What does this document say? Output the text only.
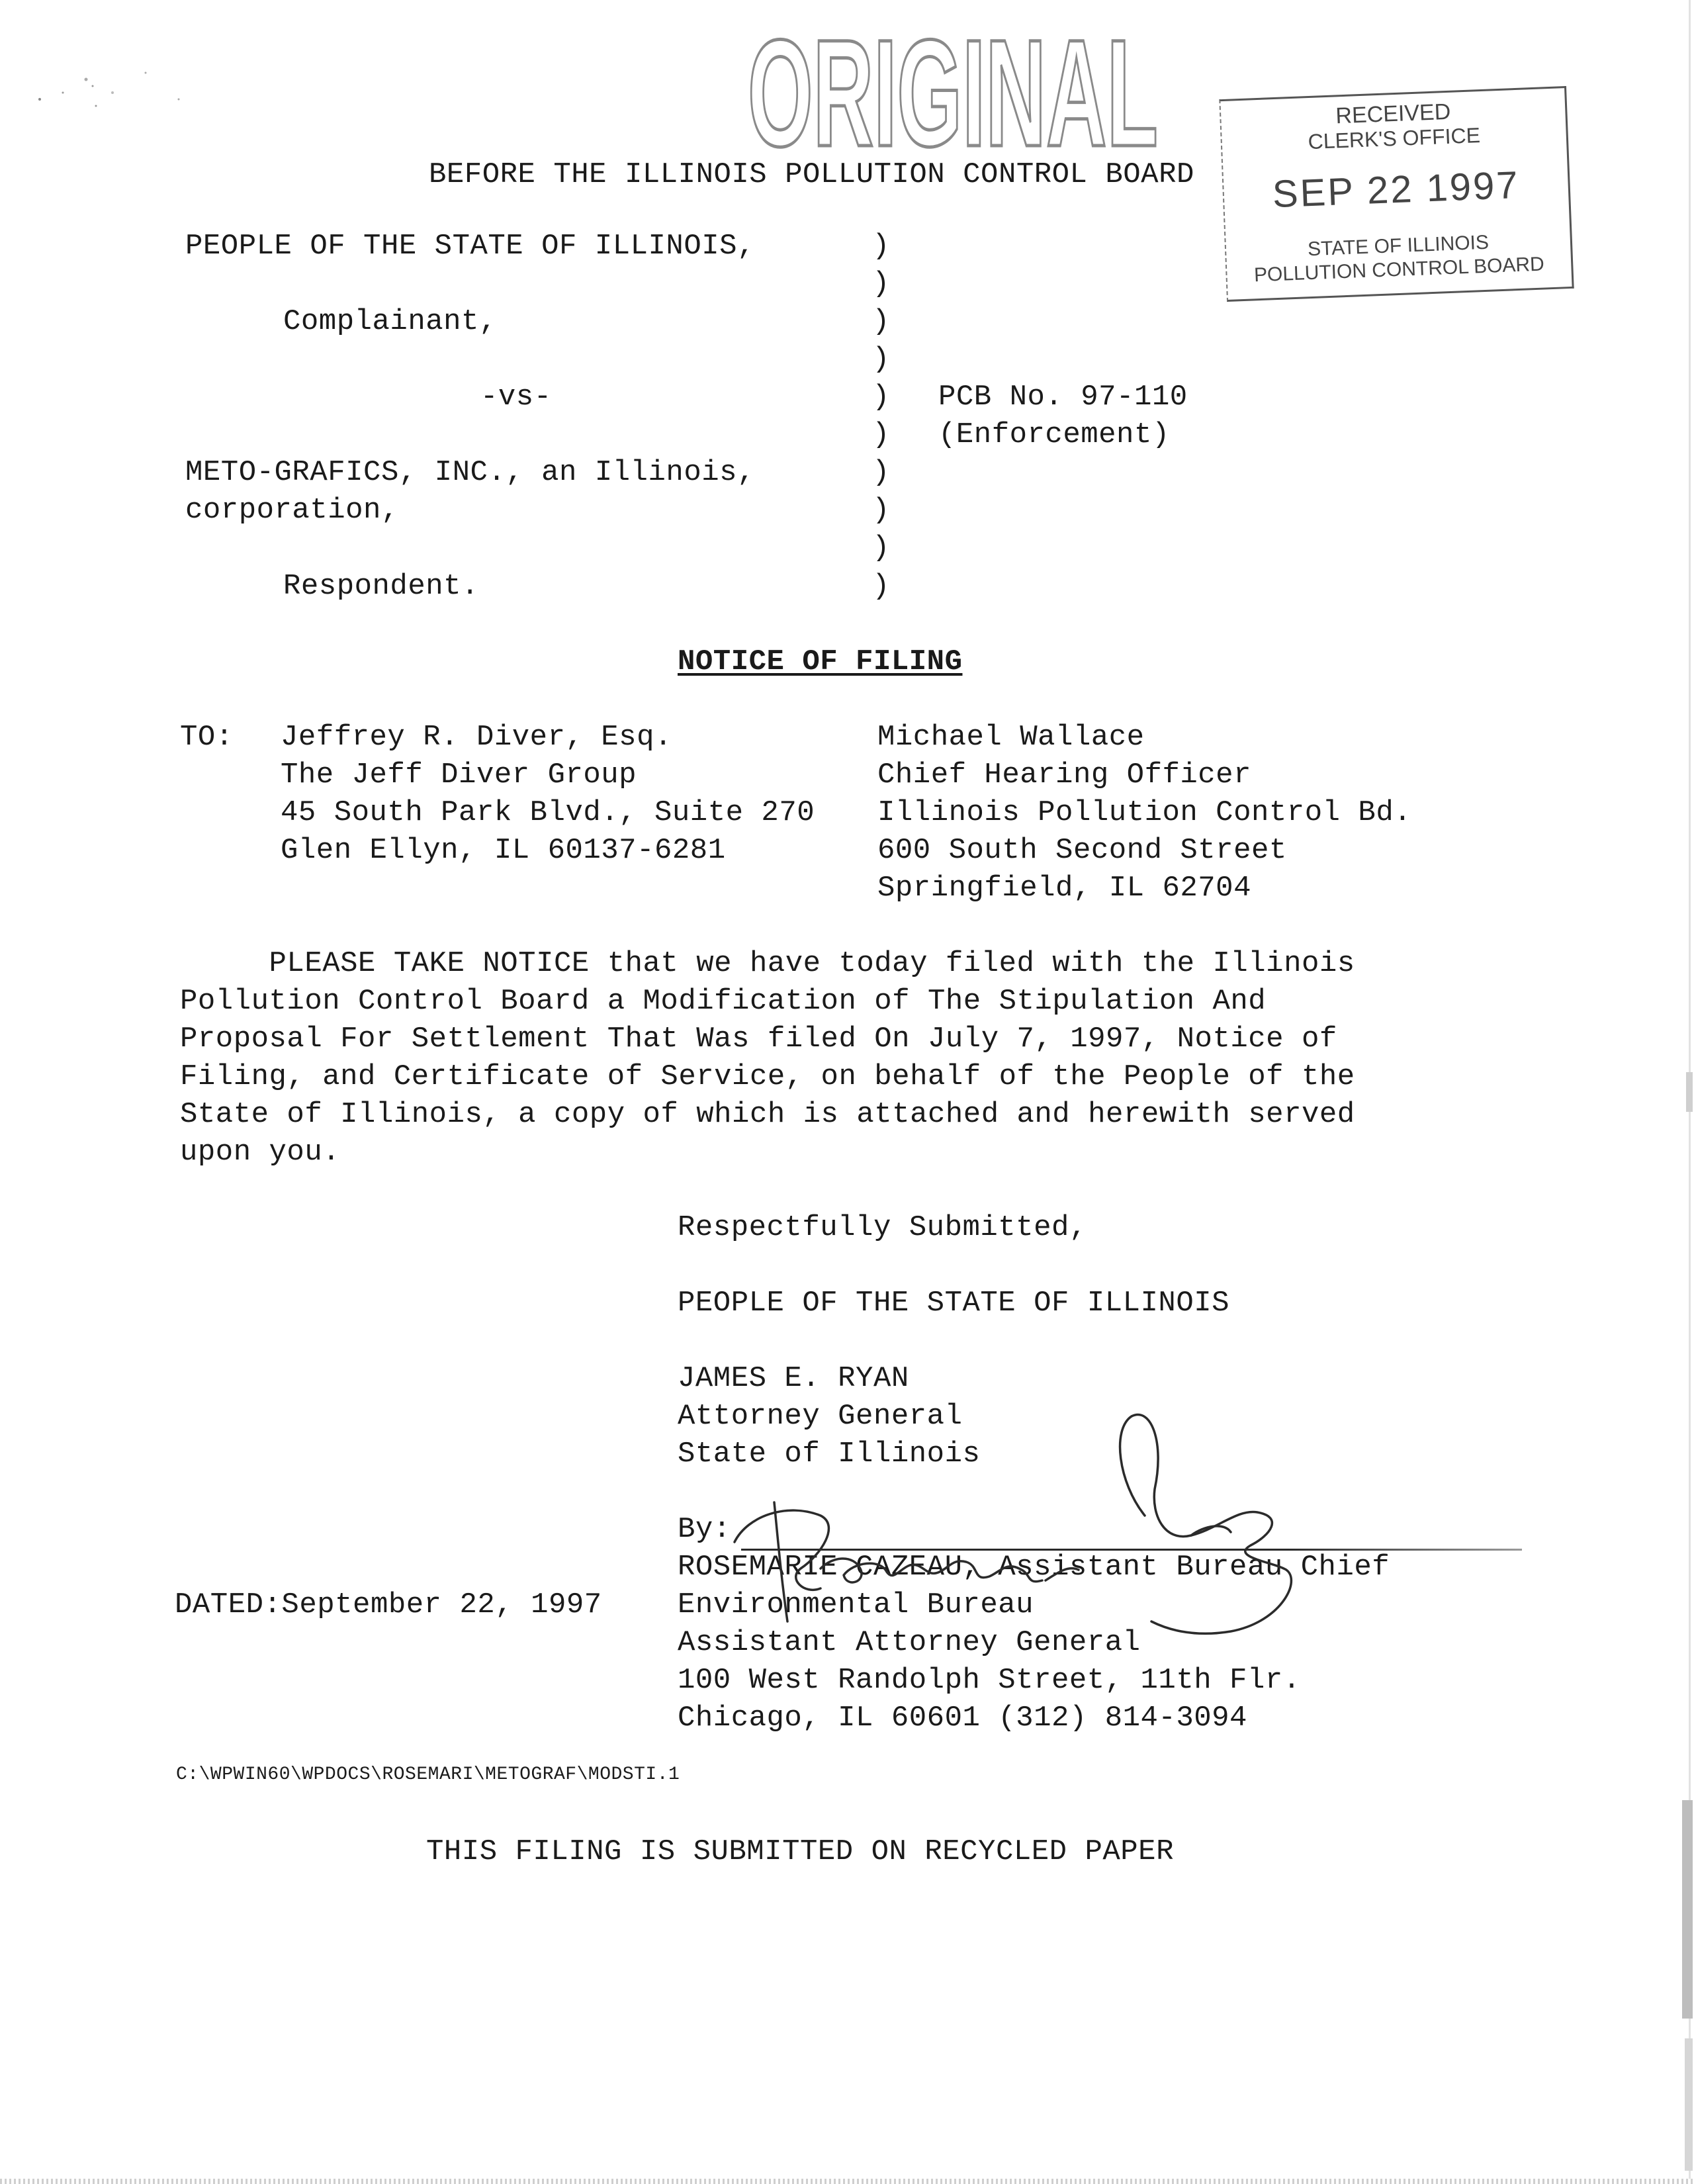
ORIGINAL	RECEIVED
CLERK'S OFFICE
SEP 22 1997
STATE OF ILLINOIS
POLLUTION CONTROL BOARD
BEFORE THE ILLINOIS POLLUTION CONTROL BOARD
PEOPLE OF THE STATE OF ILLINOIS,
Complainant,
-vs-
METO-GRAFICS, INC., an Illinois,
corporation,
Respondent.
)
)
)
)
)
)
)
)
)
)
PCB No. 97-110
(Enforcement)
NOTICE OF FILING
TO: Jeffrey R. Diver, Esq.
The Jeff Diver Group
45 South Park Blvd., Suite 270
Glen Ellyn, IL 60137-6281
Michael Wallace
Chief Hearing Officer
Illinois Pollution Control Bd.
600 South Second Street
Springfield, IL 62704
PLEASE TAKE NOTICE that we have today filed with the Illinois
Pollution Control Board a Modification of The Stipulation And
Proposal For Settlement That Was filed On July 7, 1997, Notice of
Filing, and Certificate of Service, on behalf of the People of the
State of Illinois, a copy of which is attached and herewith served
upon you.
Respectfully Submitted,
PEOPLE OF THE STATE OF ILLINOIS
JAMES E. RYAN
Attorney General
State of Illinois
By:
ROSEMARIE CAZEAU, Assistant Bureau Chief
Environmental Bureau
Assistant Attorney General
100 West Randolph Street, 11th Flr.
Chicago, IL 60601 (312) 814-3094
DATED:September 22, 1997
C:\WPWIN60\WPDOCS\ROSEMARI\METOGRAF\MODSTI.1
THIS FILING IS SUBMITTED ON RECYCLED PAPER
